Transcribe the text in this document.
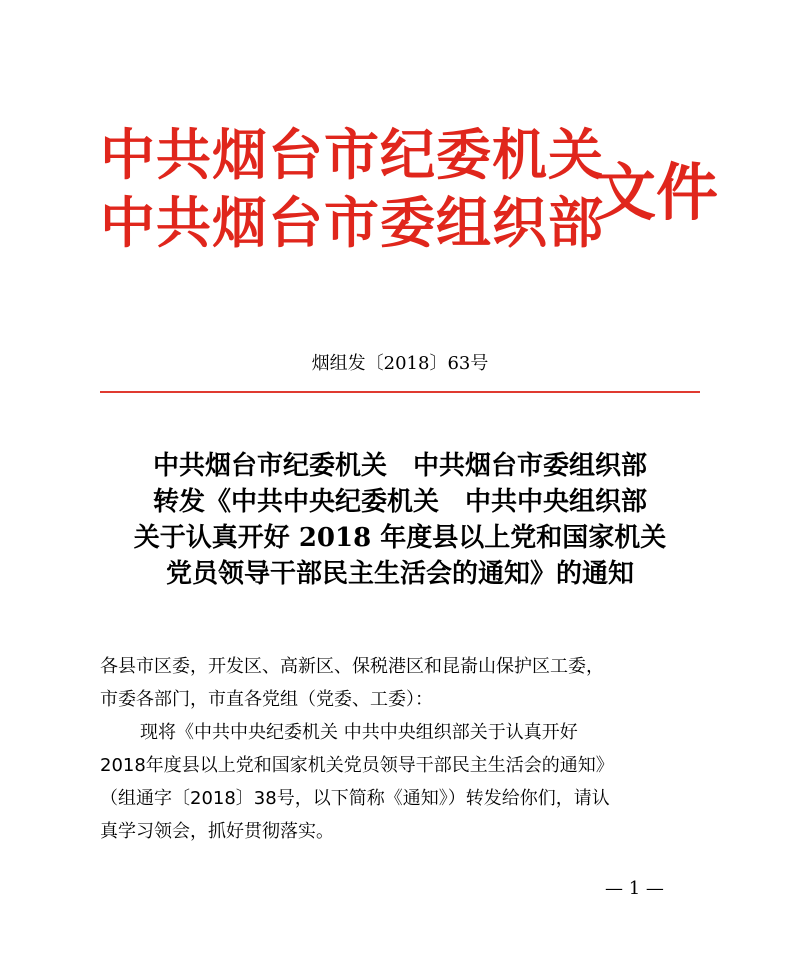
中共烟台市纪委机关
中共烟台市委组织部
文件
烟组发〔2018〕63号
中共烟台市纪委机关　中共烟台市委组织部
转发《中共中央纪委机关　中共中央组织部
关于认真开好 2018 年度县以上党和国家机关
党员领导干部民主生活会的通知》的通知
各县市区委，开发区、高新区、保税港区和昆嵛山保护区工委，
市委各部门，市直各党组（党委、工委）：
现将《中共中央纪委机关 中共中央组织部关于认真开好
2018年度县以上党和国家机关党员领导干部民主生活会的通知》
（组通字〔2018〕38号，以下简称《通知》）转发给你们，请认
真学习领会，抓好贯彻落实。
— 1 —
